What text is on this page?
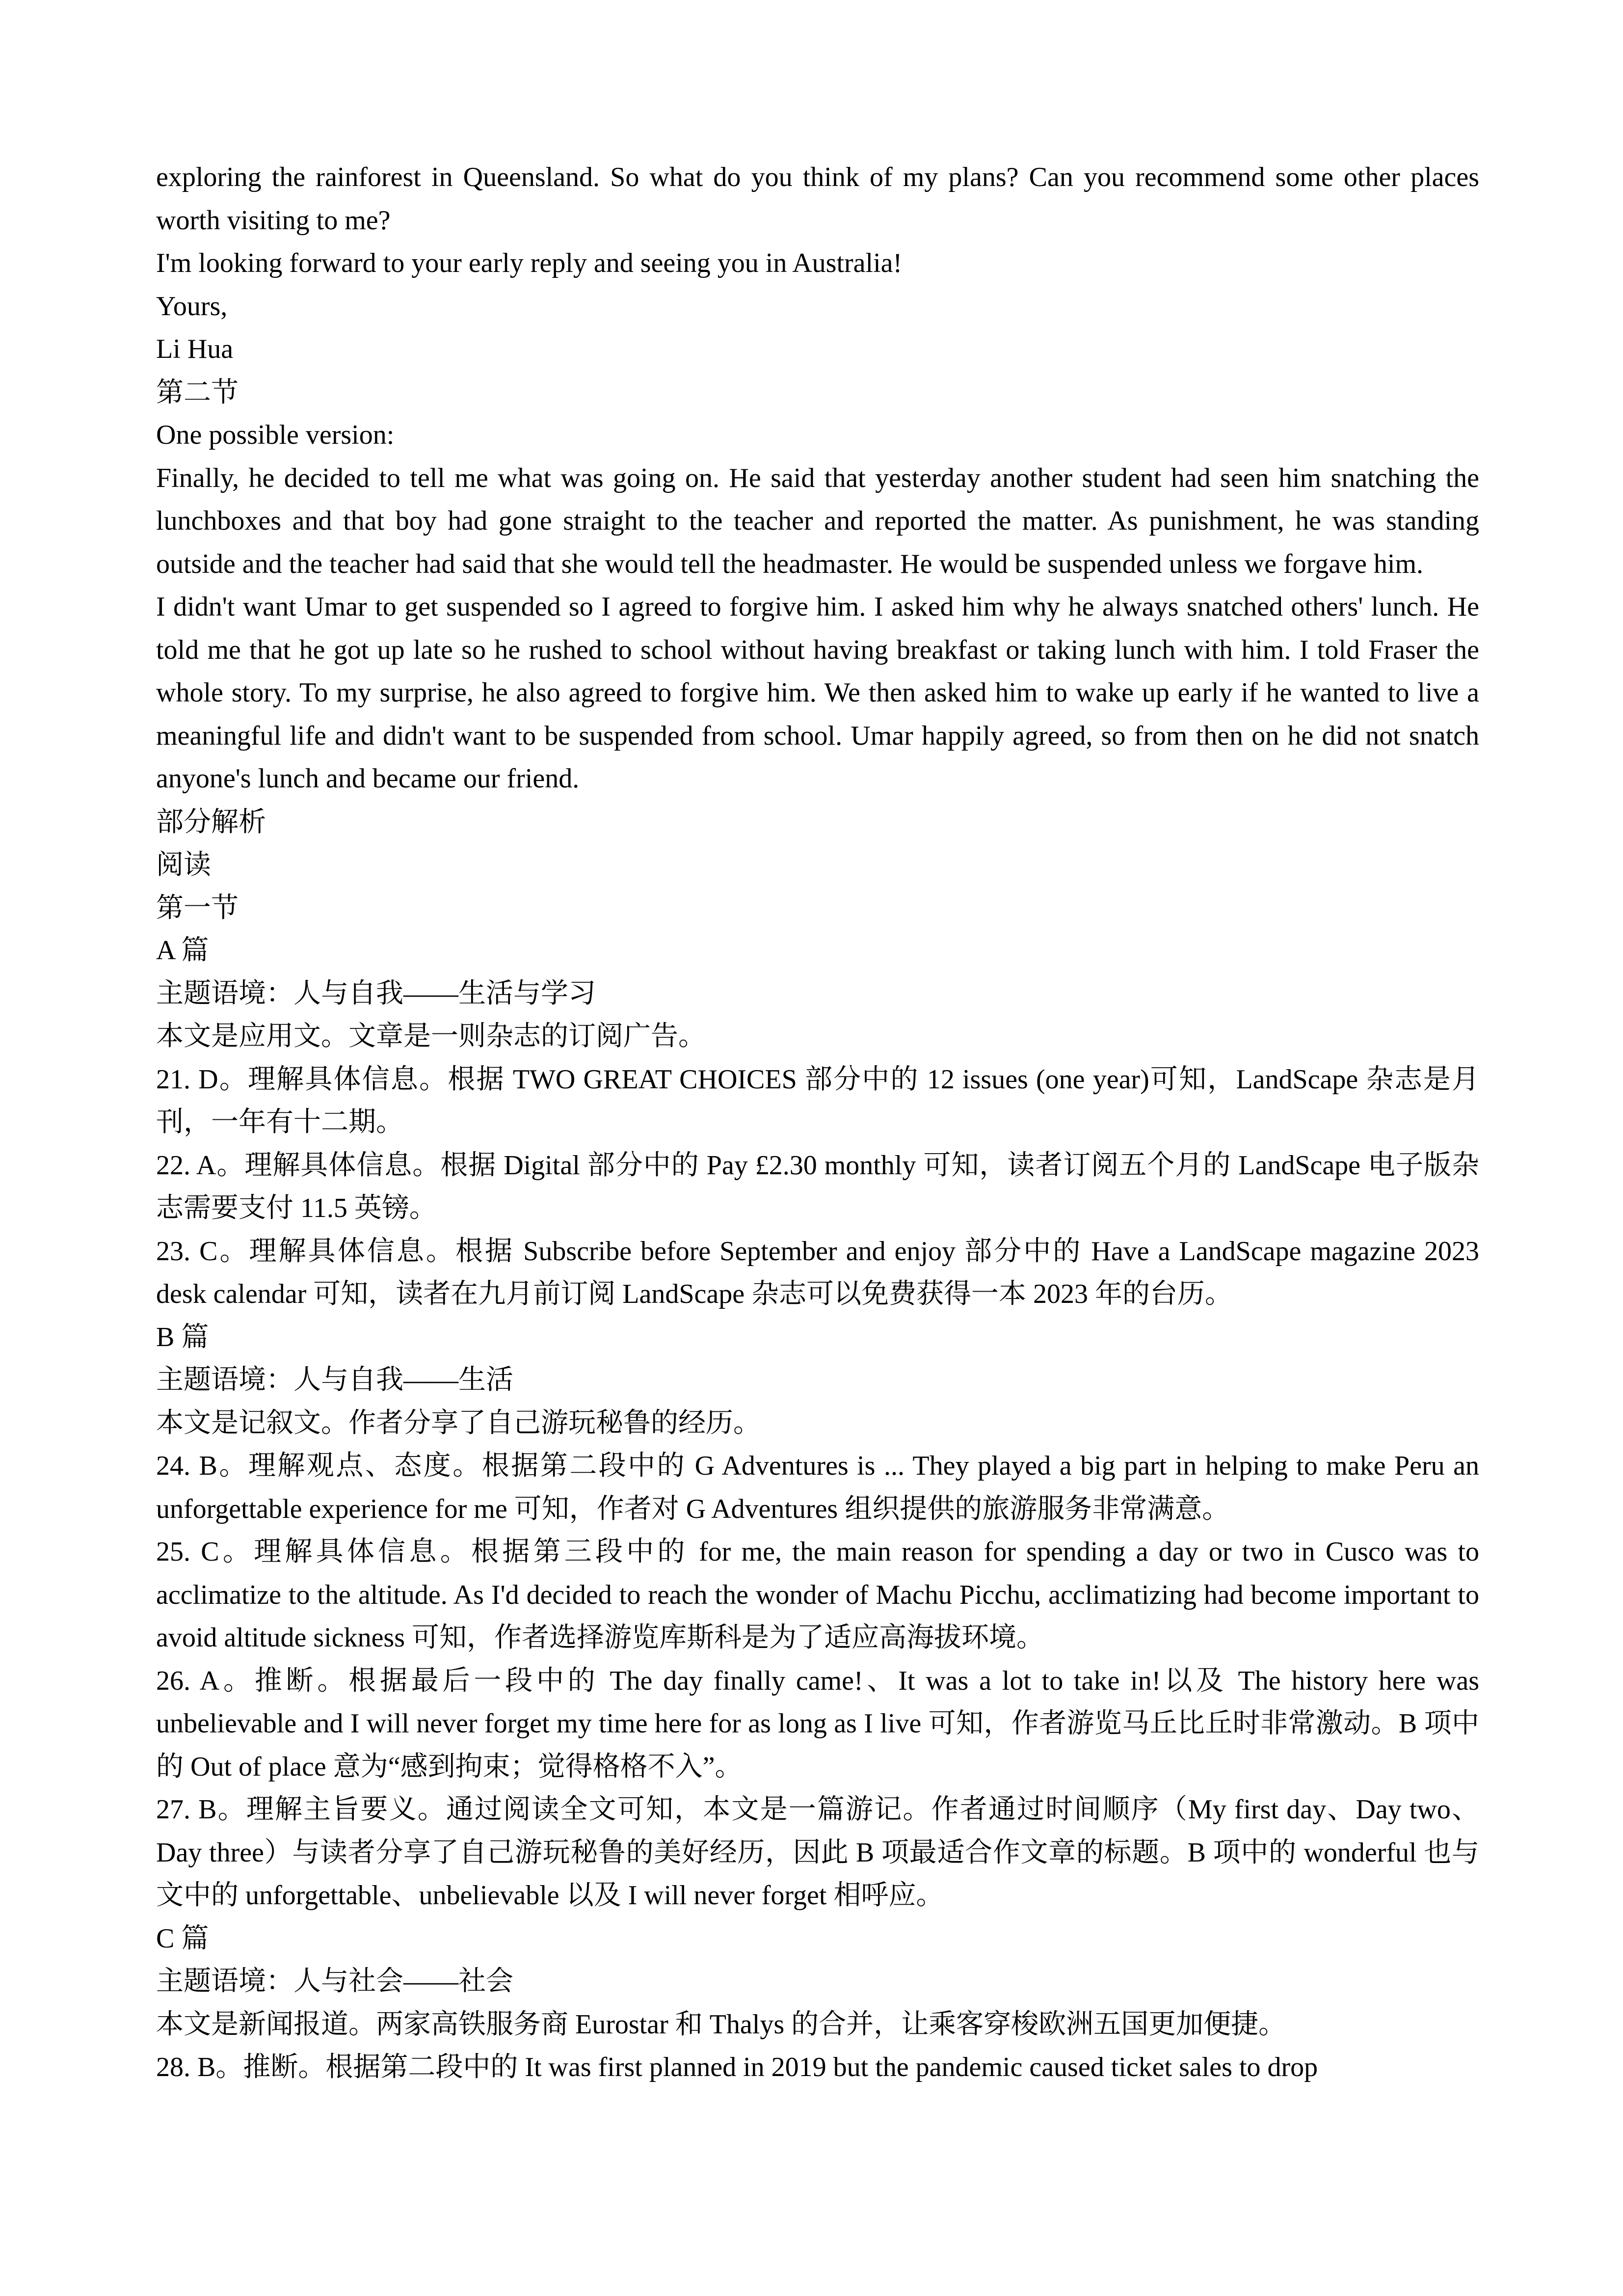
exploring the rainforest in Queensland. So what do you think of my plans? Can you recommend some other places worth visiting to me?

I'm looking forward to your early reply and seeing you in Australia!

Yours,

Li Hua

第二节

One possible version:

Finally, he decided to tell me what was going on. He said that yesterday another student had seen him snatching the lunchboxes and that boy had gone straight to the teacher and reported the matter. As punishment, he was standing outside and the teacher had said that she would tell the headmaster. He would be suspended unless we forgave him.

I didn't want Umar to get suspended so I agreed to forgive him. I asked him why he always snatched others' lunch. He told me that he got up late so he rushed to school without having breakfast or taking lunch with him. I told Fraser the whole story. To my surprise, he also agreed to forgive him. We then asked him to wake up early if he wanted to live a meaningful life and didn't want to be suspended from school. Umar happily agreed, so from then on he did not snatch anyone's lunch and became our friend.

部分解析

阅读

第一节

A 篇

主题语境：人与自我——生活与学习

本文是应用文。文章是一则杂志的订阅广告。

21. D。理解具体信息。根据 TWO GREAT CHOICES 部分中的 12 issues (one year)可知，LandScape 杂志是月刊，一年有十二期。

22. A。理解具体信息。根据 Digital 部分中的 Pay £2.30 monthly 可知，读者订阅五个月的 LandScape 电子版杂志需要支付 11.5 英镑。

23. C。理解具体信息。根据 Subscribe before September and enjoy 部分中的 Have a LandScape magazine 2023 desk calendar 可知，读者在九月前订阅 LandScape 杂志可以免费获得一本 2023 年的台历。

B 篇

主题语境：人与自我——生活

本文是记叙文。作者分享了自己游玩秘鲁的经历。

24. B。理解观点、态度。根据第二段中的 G Adventures is ... They played a big part in helping to make Peru an unforgettable experience for me 可知，作者对 G Adventures 组织提供的旅游服务非常满意。

25. C。理解具体信息。根据第三段中的 for me, the main reason for spending a day or two in Cusco was to acclimatize to the altitude. As I'd decided to reach the wonder of Machu Picchu, acclimatizing had become important to avoid altitude sickness 可知，作者选择游览库斯科是为了适应高海拔环境。

26. A。推断。根据最后一段中的 The day finally came!、It was a lot to take in!以及 The history here was unbelievable and I will never forget my time here for as long as I live 可知，作者游览马丘比丘时非常激动。B 项中的 Out of place 意为“感到拘束；觉得格格不入”。

27. B。理解主旨要义。通过阅读全文可知，本文是一篇游记。作者通过时间顺序（My first day、Day two、Day three）与读者分享了自己游玩秘鲁的美好经历，因此 B 项最适合作文章的标题。B 项中的 wonderful 也与文中的 unforgettable、unbelievable 以及 I will never forget 相呼应。

C 篇

主题语境：人与社会——社会

本文是新闻报道。两家高铁服务商 Eurostar 和 Thalys 的合并，让乘客穿梭欧洲五国更加便捷。

28. B。推断。根据第二段中的 It was first planned in 2019 but the pandemic caused ticket sales to drop
